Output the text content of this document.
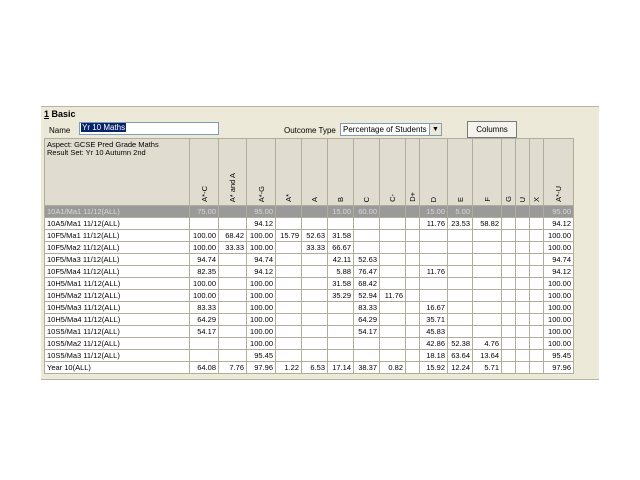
1 Basic
Name	Yr 10 Maths	Outcome Type Percentage of Students ▼	Columns
Aspect: GCSE Pred Grade Maths
Result Set: Yr 10 Autumn 2nd	A*-C	A* and A	A*-G	A*	A	B	C	C-	D+	D	E	F	G	U	X	A*-U

10A1/Ma1 11/12(ALL)	75.00		95.00			15.00	60.00			15.00	5.00					95.00
10A5/Ma1 11/12(ALL)			94.12							11.76	23.53	58.82				94.12
10F5/Ma1 11/12(ALL)	100.00	68.42	100.00	15.79	52.63	31.58										100.00
10F5/Ma2 11/12(ALL)	100.00	33.33	100.00		33.33	66.67										100.00
10F5/Ma3 11/12(ALL)	94.74		94.74			42.11	52.63									94.74
10F5/Ma4 11/12(ALL)	82.35		94.12			5.88	76.47			11.76						94.12
10H5/Ma1 11/12(ALL)	100.00		100.00			31.58	68.42									100.00
10H5/Ma2 11/12(ALL)	100.00		100.00			35.29	52.94	11.76								100.00
10H5/Ma3 11/12(ALL)	83.33		100.00				83.33			16.67						100.00
10H5/Ma4 11/12(ALL)	64.29		100.00				64.29			35.71						100.00
10S5/Ma1 11/12(ALL)	54.17		100.00				54.17			45.83						100.00
10S5/Ma2 11/12(ALL)			100.00							42.86	52.38	4.76				100.00
10S5/Ma3 11/12(ALL)			95.45							18.18	63.64	13.64				95.45
Year 10(ALL)	64.08	7.76	97.96	1.22	6.53	17.14	38.37	0.82		15.92	12.24	5.71				97.96
